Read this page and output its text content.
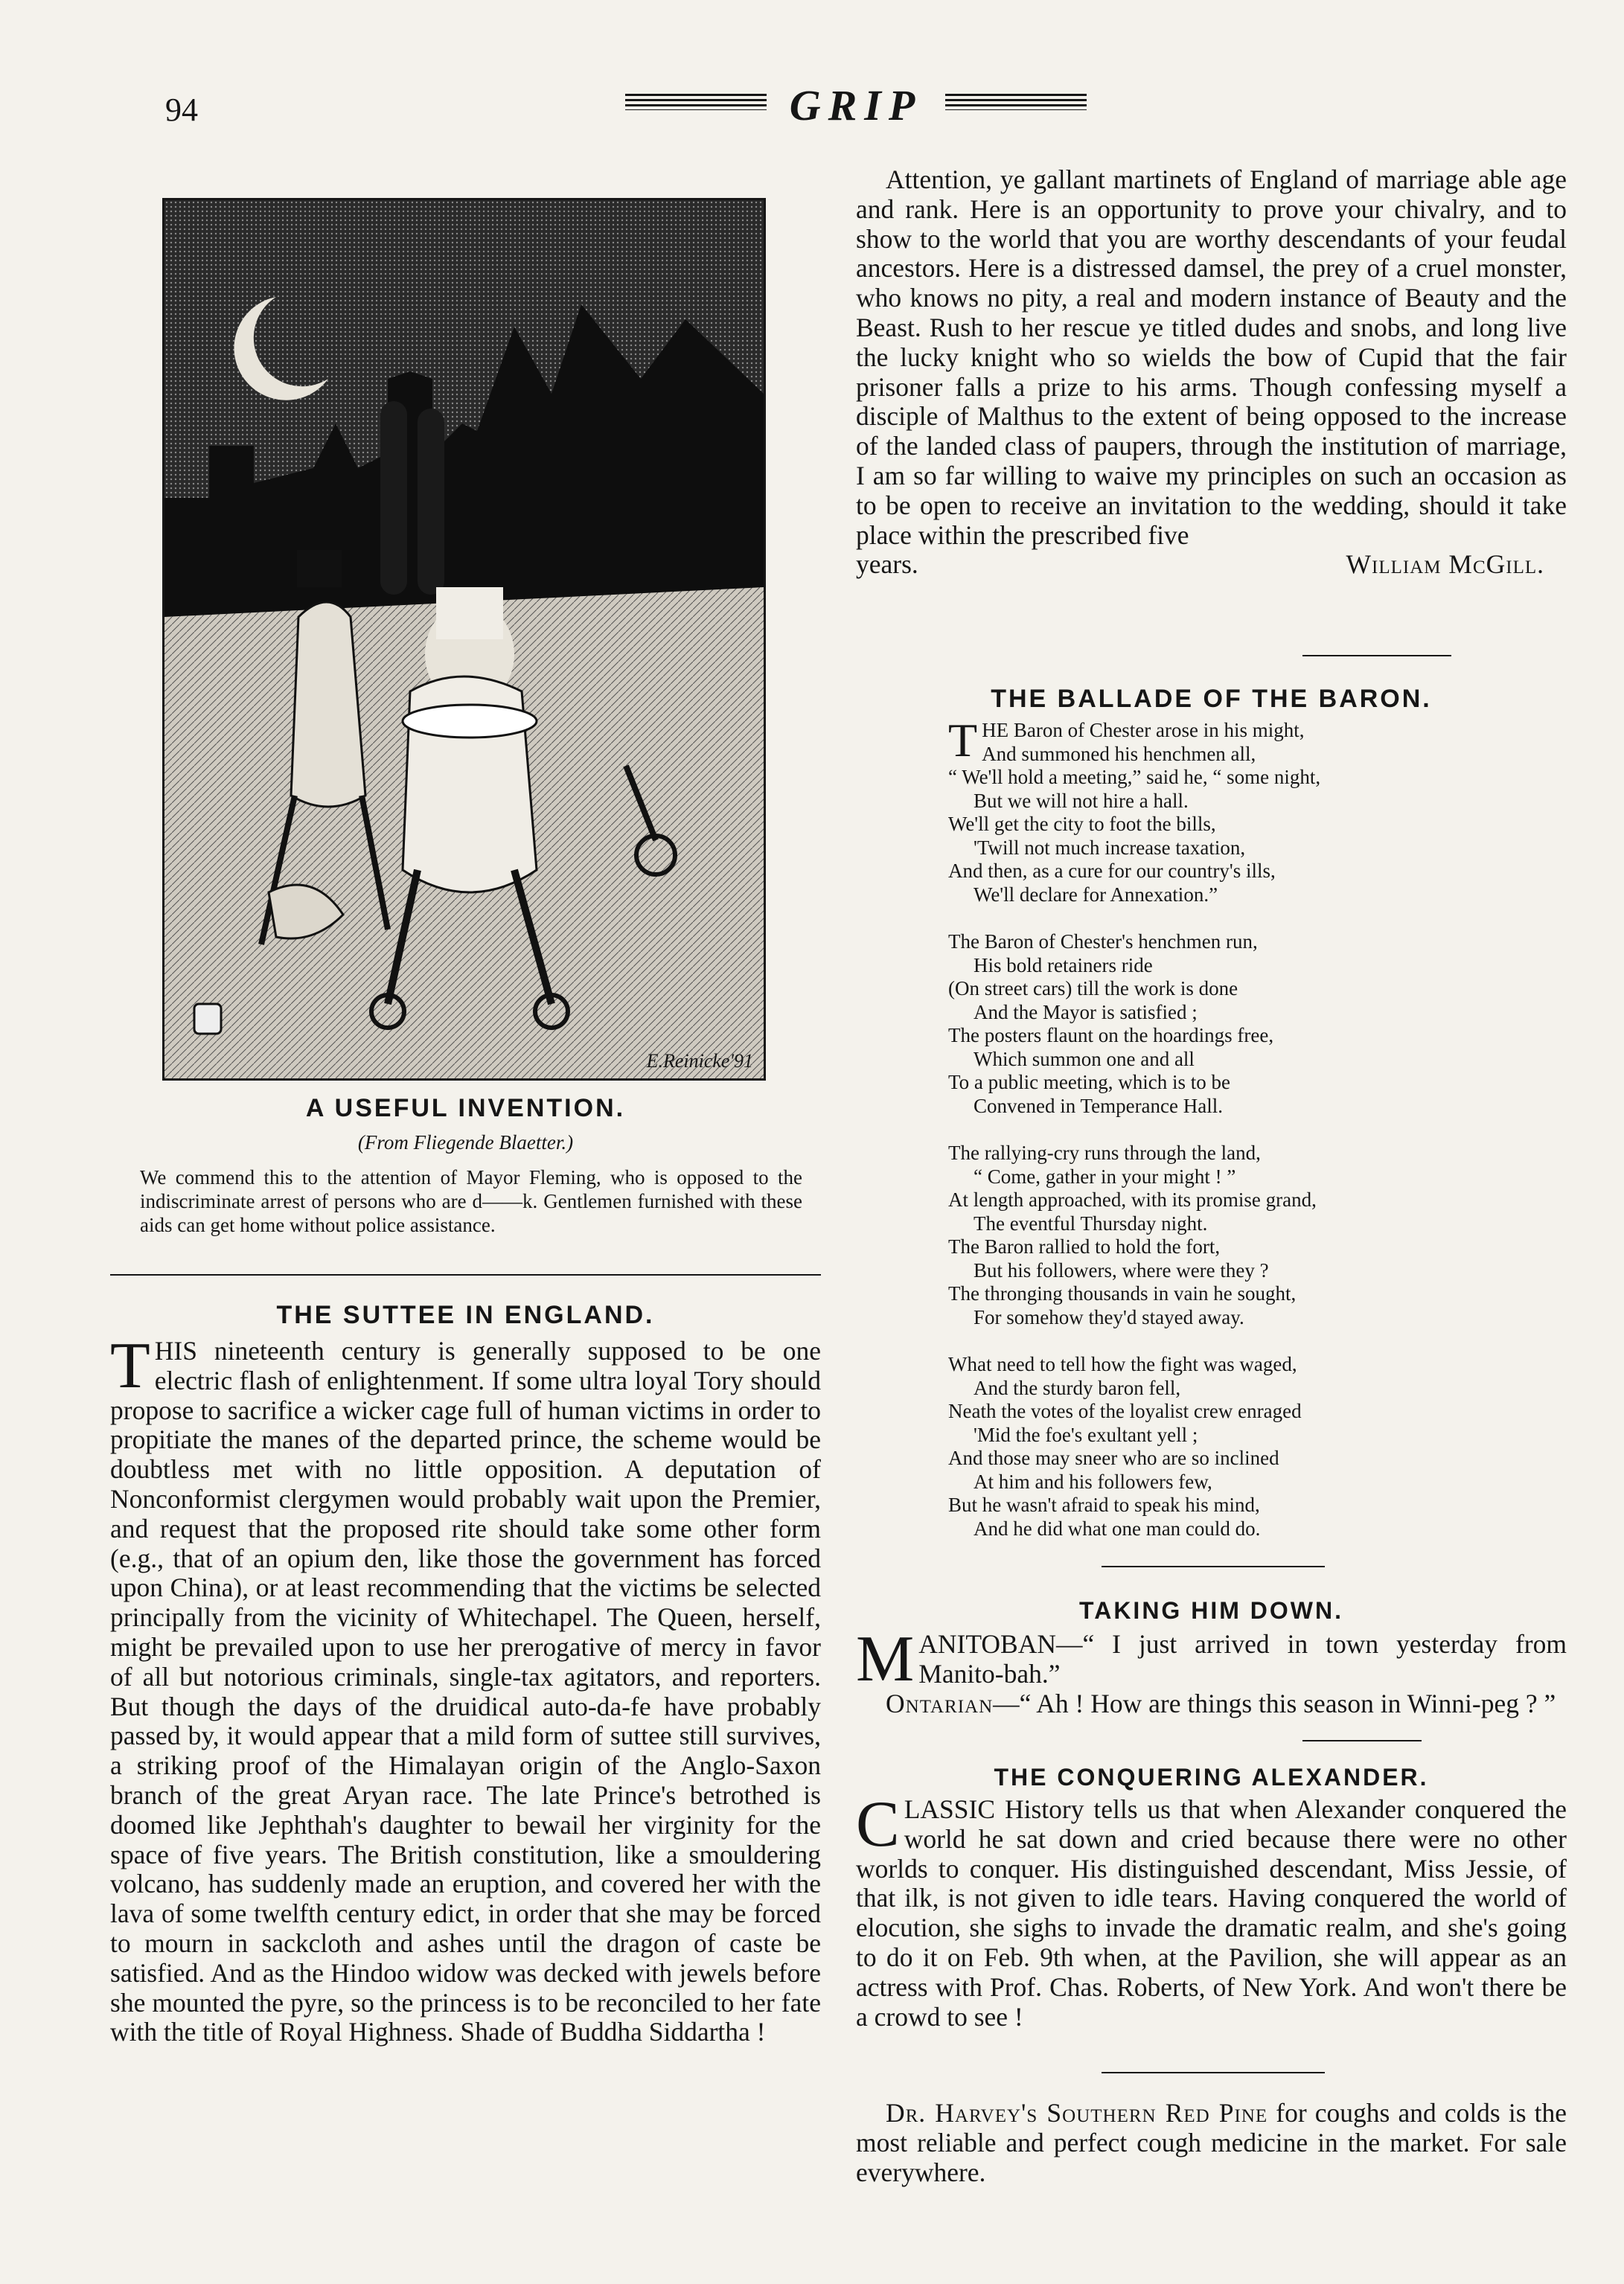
94	GRIP
E.Reinicke'91
A USEFUL INVENTION.
(From Fliegende Blaetter.)
We commend this to the attention of Mayor Fleming, who is opposed to the indiscriminate arrest of persons who are d——k. Gentlemen furnished with these aids can get home without police assistance.
THE SUTTEE IN ENGLAND.
THIS nineteenth century is generally supposed to be one electric flash of enlightenment. If some ultra loyal Tory should propose to sacrifice a wicker cage full of human victims in order to propitiate the manes of the departed prince, the scheme would be doubtless met with no little opposition. A deputation of Nonconformist clergymen would probably wait upon the Premier, and request that the proposed rite should take some other form (e.g., that of an opium den, like those the government has forced upon China), or at least recommending that the victims be selected principally from the vicinity of Whitechapel. The Queen, herself, might be prevailed upon to use her prerogative of mercy in favor of all but notorious criminals, single-tax agitators, and reporters. But though the days of the druidical auto-da-fe have probably passed by, it would appear that a mild form of suttee still survives, a striking proof of the Himalayan origin of the Anglo-Saxon branch of the great Aryan race. The late Prince's betrothed is doomed like Jephthah's daughter to bewail her virginity for the space of five years. The British constitution, like a smouldering volcano, has suddenly made an eruption, and covered her with the lava of some twelfth century edict, in order that she may be forced to mourn in sackcloth and ashes until the dragon of caste be satisfied. And as the Hindoo widow was decked with jewels before she mounted the pyre, so the princess is to be reconciled to her fate with the title of Royal Highness. Shade of Buddha Siddartha !

Attention, ye gallant martinets of England of marriage able age and rank. Here is an opportunity to prove your chivalry, and to show to the world that you are worthy descendants of your feudal ancestors. Here is a distressed damsel, the prey of a cruel monster, who knows no pity, a real and modern instance of Beauty and the Beast. Rush to her rescue ye titled dudes and snobs, and long live the lucky knight who so wields the bow of Cupid that the fair prisoner falls a prize to his arms. Though confessing myself a disciple of Malthus to the extent of being opposed to the increase of the landed class of paupers, through the institution of marriage, I am so far willing to waive my principles on such an occasion as to be open to receive an invitation to the wedding, should it take place within the prescribed five

years.	William McGill.
THE BALLADE OF THE BARON.
T HE Baron of Chester arose in his might,
And summoned his henchmen all,
“ We'll hold a meeting,” said he, “ some night,
But we will not hire a hall.
We'll get the city to foot the bills,
'Twill not much increase taxation,
And then, as a cure for our country's ills,
We'll declare for Annexation.”
The Baron of Chester's henchmen run,
His bold retainers ride
(On street cars) till the work is done
And the Mayor is satisfied ;
The posters flaunt on the hoardings free,
Which summon one and all
To a public meeting, which is to be
Convened in Temperance Hall.
The rallying-cry runs through the land,
“ Come, gather in your might ! ”
At length approached, with its promise grand,
The eventful Thursday night.
The Baron rallied to hold the fort,
But his followers, where were they ?
The thronging thousands in vain he sought,
For somehow they'd stayed away.
What need to tell how the fight was waged,
And the sturdy baron fell,
Neath the votes of the loyalist crew enraged
'Mid the foe's exultant yell ;
And those may sneer who are so inclined
At him and his followers few,
But he wasn't afraid to speak his mind,
And he did what one man could do.
TAKING HIM DOWN.

MANITOBAN—“ I just arrived in town yesterday from Manito-bah.”

Ontarian—“ Ah ! How are things this season in Winni-peg ? ”

THE CONQUERING ALEXANDER.
CLASSIC History tells us that when Alexander conquered the world he sat down and cried because there were no other worlds to conquer. His distinguished descendant, Miss Jessie, of that ilk, is not given to idle tears. Having conquered the world of elocution, she sighs to invade the dramatic realm, and she's going to do it on Feb. 9th when, at the Pavilion, she will appear as an actress with Prof. Chas. Roberts, of New York. And won't there be a crowd to see !

Dr. Harvey's Southern Red Pine for coughs and colds is the most reliable and perfect cough medicine in the market. For sale everywhere.
